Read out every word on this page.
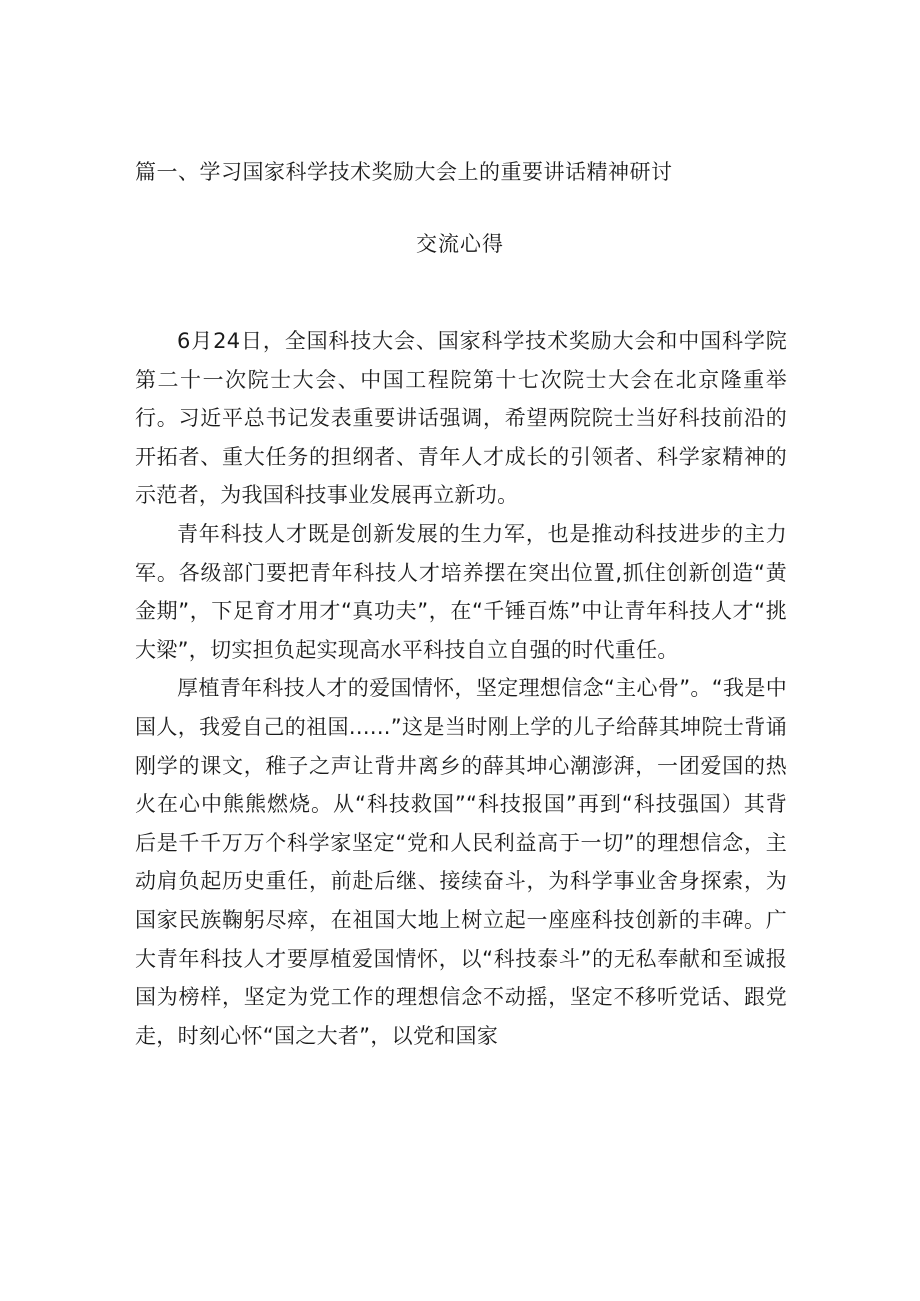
篇一、学习国家科学技术奖励大会上的重要讲话精神研讨
交流心得

6月24日，全国科技大会、国家科学技术奖励大会和中国科学院第二十一次院士大会、中国工程院第十七次院士大会在北京隆重举行。习近平总书记发表重要讲话强调，希望两院院士当好科技前沿的开拓者、重大任务的担纲者、青年人才成长的引领者、科学家精神的示范者，为我国科技事业发展再立新功。

青年科技人才既是创新发展的生力军，也是推动科技进步的主力军。各级部门要把青年科技人才培养摆在突出位置,抓住创新创造“黄金期”，下足育才用才“真功夫”，在“千锤百炼”中让青年科技人才“挑大梁”，切实担负起实现高水平科技自立自强的时代重任。

厚植青年科技人才的爱国情怀，坚定理想信念“主心骨”。“我是中国人，我爱自己的祖国......”这是当时刚上学的儿子给薛其坤院士背诵刚学的课文，稚子之声让背井离乡的薛其坤心潮澎湃，一团爱国的热火在心中熊熊燃烧。从“科技救国”“科技报国”再到“科技强国）其背后是千千万万个科学家坚定“党和人民利益高于一切”的理想信念，主动肩负起历史重任，前赴后继、接续奋斗，为科学事业舍身探索，为国家民族鞠躬尽瘁，在祖国大地上树立起一座座科技创新的丰碑。广大青年科技人才要厚植爱国情怀，以“科技泰斗”的无私奉献和至诚报国为榜样，坚定为党工作的理想信念不动摇，坚定不移听党话、跟党走，时刻心怀“国之大者”，以党和国家
